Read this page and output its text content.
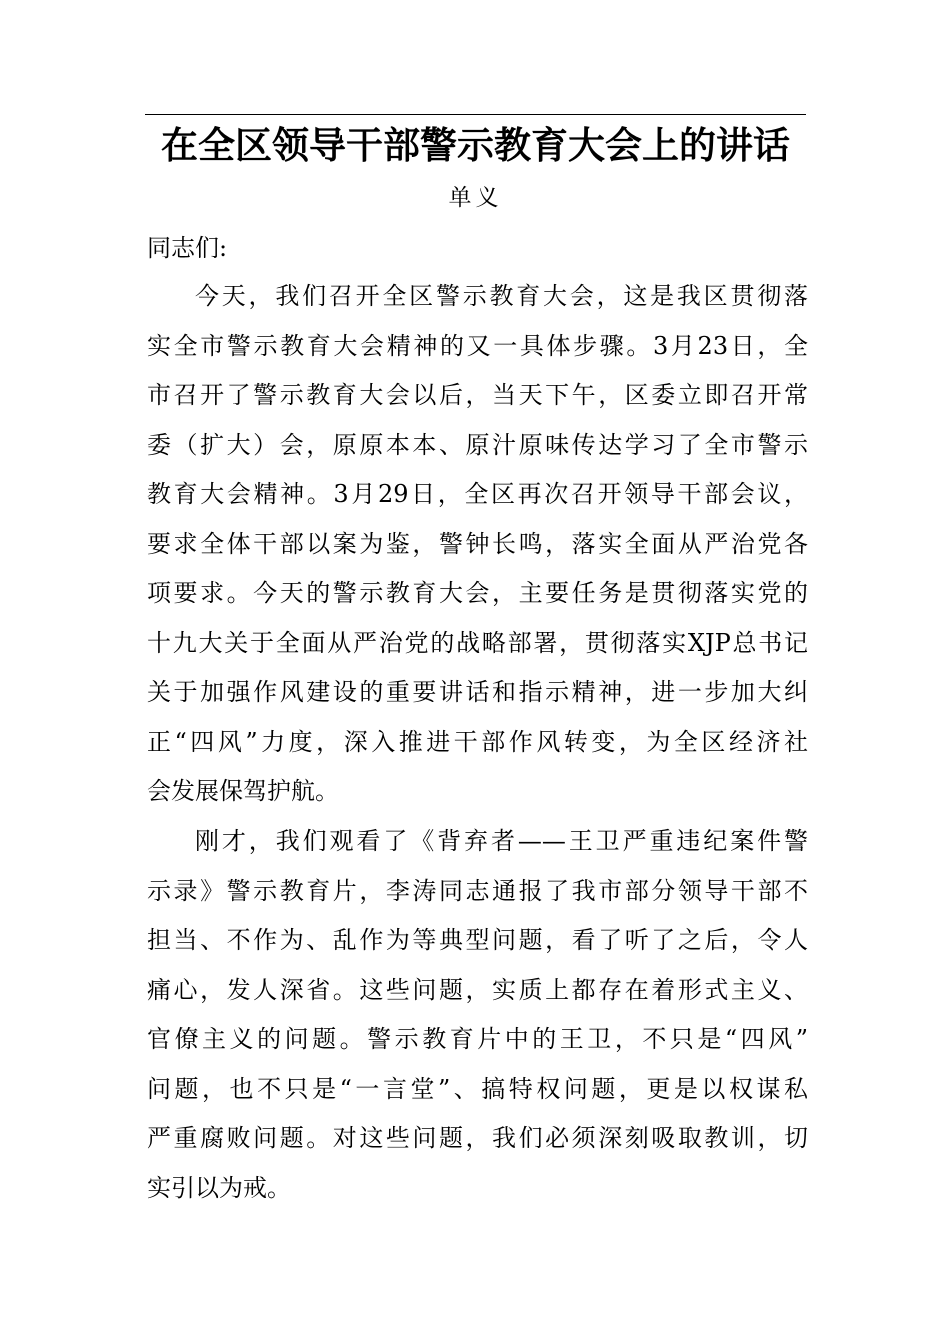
在全区领导干部警示教育大会上的讲话
单义
同志们:
今天，我们召开全区警示教育大会，这是我区贯彻落
实全市警示教育大会精神的又一具体步骤。3月23日，全
市召开了警示教育大会以后，当天下午，区委立即召开常
委（扩大）会，原原本本、原汁原味传达学习了全市警示
教育大会精神。3月29日，全区再次召开领导干部会议，
要求全体干部以案为鉴，警钟长鸣，落实全面从严治党各
项要求。今天的警示教育大会，主要任务是贯彻落实党的
十九大关于全面从严治党的战略部署，贯彻落实XJP总书记
关于加强作风建设的重要讲话和指示精神，进一步加大纠
正“四风”力度，深入推进干部作风转变，为全区经济社
会发展保驾护航。
刚才，我们观看了《背弃者——王卫严重违纪案件警
示录》警示教育片，李涛同志通报了我市部分领导干部不
担当、不作为、乱作为等典型问题，看了听了之后，令人
痛心，发人深省。这些问题，实质上都存在着形式主义、
官僚主义的问题。警示教育片中的王卫，不只是“四风”
问题，也不只是“一言堂”、搞特权问题，更是以权谋私
严重腐败问题。对这些问题，我们必须深刻吸取教训，切
实引以为戒。
